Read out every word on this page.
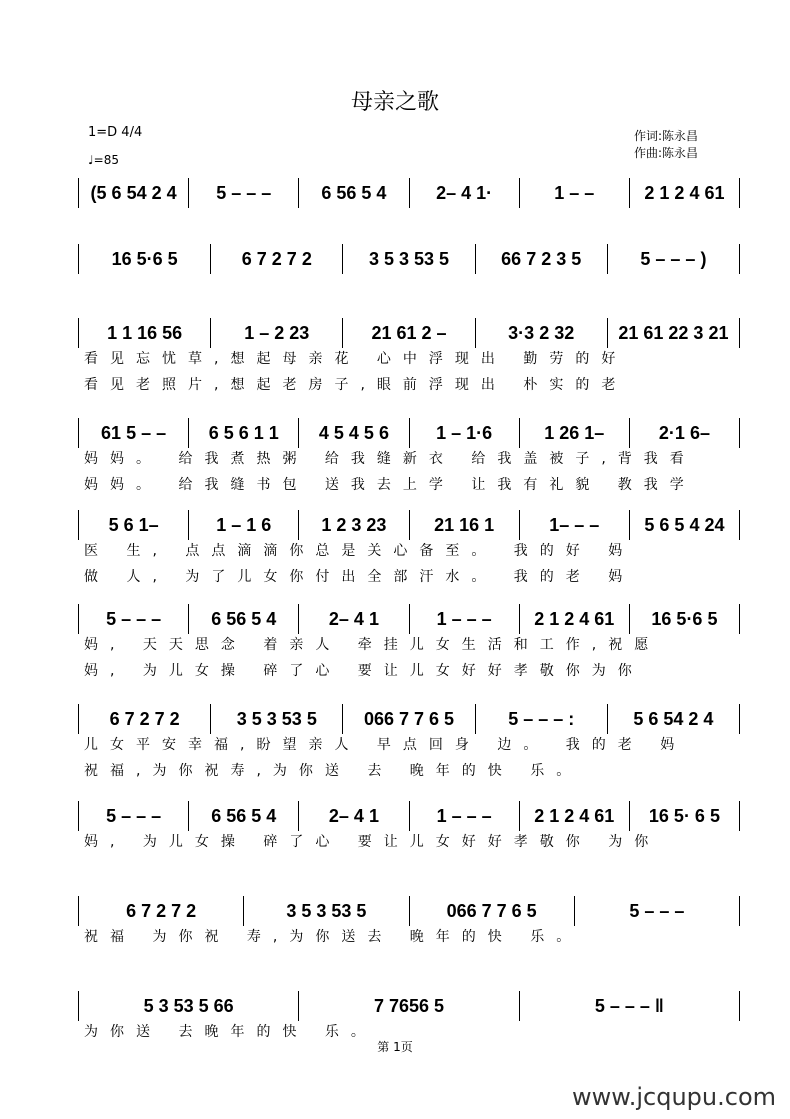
母亲之歌
1=D 4/4
♩=85
作词:陈永昌
作曲:陈永昌
(5 6 54 2 4	5 – – –	6 56 5 4	2– 4 1·	1 – –	2 1 2 4 61
16 5·6 5	6 7 2 7 2	3 5 3 53 5	66 7 2 3 5	5 – – – )
1 1 16 56	1 – 2 23	21 61 2 –	3·3 2 32	21 61 22 3 21
看见忘忧草,想起母亲花 心中浮现出 勤劳的好
看见老照片,想起老房子,眼前浮现出 朴实的老
61 5 – –	6 5 6 1 1	4 5 4 5 6	1 – 1·6	1 26 1–	2·1 6–
妈妈。 给我煮热粥 给我缝新衣 给我盖被子,背我看
妈妈。 给我缝书包 送我去上学 让我有礼貌 教我学
5 6 1–	1 – 1 6	1 2 3 23	21 16 1	1– – –	5 6 5 4 24
医 生, 点点滴滴你总是关心备至。 我的好 妈
做 人, 为了儿女你付出全部汗水。 我的老 妈
5 – – –	6 56 5 4	2– 4 1	1 – – –	2 1 2 4 61	16 5·6 5
妈, 天天思念 着亲人 牵挂儿女生活和工作,祝愿
妈, 为儿女操 碎了心 要让儿女好好孝敬你为你
6 7 2 7 2	3 5 3 53 5	066 7 7 6 5	5 – – – :	5 6 54 2 4
儿女平安幸福,盼望亲人 早点回身 边。 我的老 妈
祝福,为你祝寿,为你送 去 晚年的快 乐。
5 – – –	6 56 5 4	2– 4 1	1 – – –	2 1 2 4 61	16 5· 6 5
妈, 为儿女操 碎了心 要让儿女好好孝敬你 为你
6 7 2 7 2	3 5 3 53 5	066 7 7 6 5	5 – – –
祝福 为你祝 寿,为你送去 晚年的快 乐。
5 3 53 5 66	7 7656 5	5 – – – ‖
为你送 去晚年的快 乐。
第 1页
www.jcqupu.com
